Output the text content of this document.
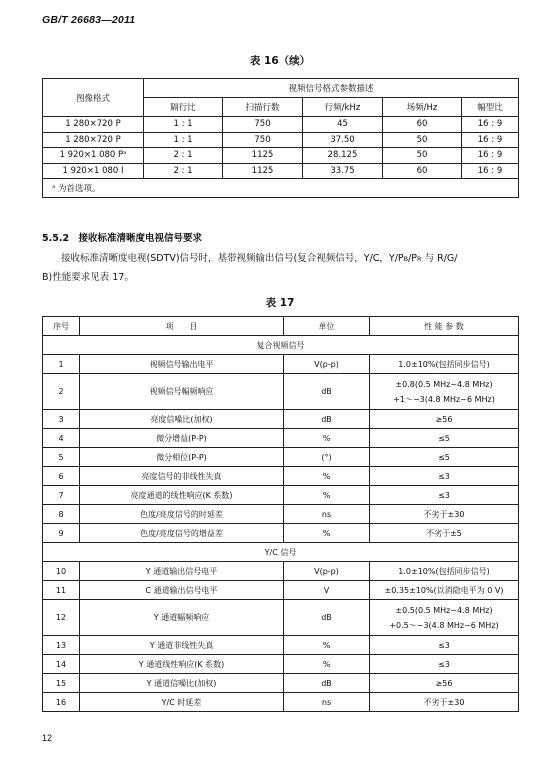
GB/T 26683—2011
表 16（续）
图像格式	视频信号格式参数描述				
	隔行比	扫描行数	行频/kHz	场频/Hz	幅型比
1 280×720 P	1 : 1	750	45	60	16 : 9
1 280×720 P	1 : 1	750	37.50	50	16 : 9
1 920×1 080 Pᵃ	2 : 1	1125	28.125	50	16 : 9
1 920×1 080 I	2 : 1	1125	33.75	60	16 : 9
ᵃ 为首选项。					
5.5.2　接收标准清晰度电视信号要求
接收标准清晰度电视(SDTV)信号时，基带视频输出信号(复合视频信号，Y/C，Y/PB/PR 与 R/G/
B)性能要求见表 17。
表 17
序号	项　　目	单位	性 能 参 数
复合视频信号			
1	视频信号输出电平	V(p-p)	1.0±10%(包括同步信号)

2	视频信号幅频响应	dB	±0.8(0.5 MHz~4.8 MHz)
+1～−3(4.8 MHz~6 MHz)

3	亮度信噪比(加权)	dB	≥56

4	微分增益(P-P)	%	≤5

5	微分相位(P-P)	(°)	≤5

6	亮度信号的非线性失真	%	≤3

7	亮度通道的线性响应(K 系数)	%	≤3

8	色度/亮度信号的时延差	ns	不劣于±30

9	色度/亮度信号的增益差	%	不劣于±5

Y/C 信号			
10	Y 通道输出信号电平	V(p-p)	1.0±10%(包括同步信号)

11	C 通道输出信号电平	V	±0.35±10%(以消隐电平为 0 V)

12	Y 通道幅频响应	dB	±0.5(0.5 MHz~4.8 MHz)
+0.5～−3(4.8 MHz~6 MHz)

13	Y 通道非线性失真	%	≤3

14	Y 通道线性响应(K 系数)	%	≤3

15	Y 通道信噪比(加权)	dB	≥56

16	Y/C 时延差	ns	不劣于±30
12
